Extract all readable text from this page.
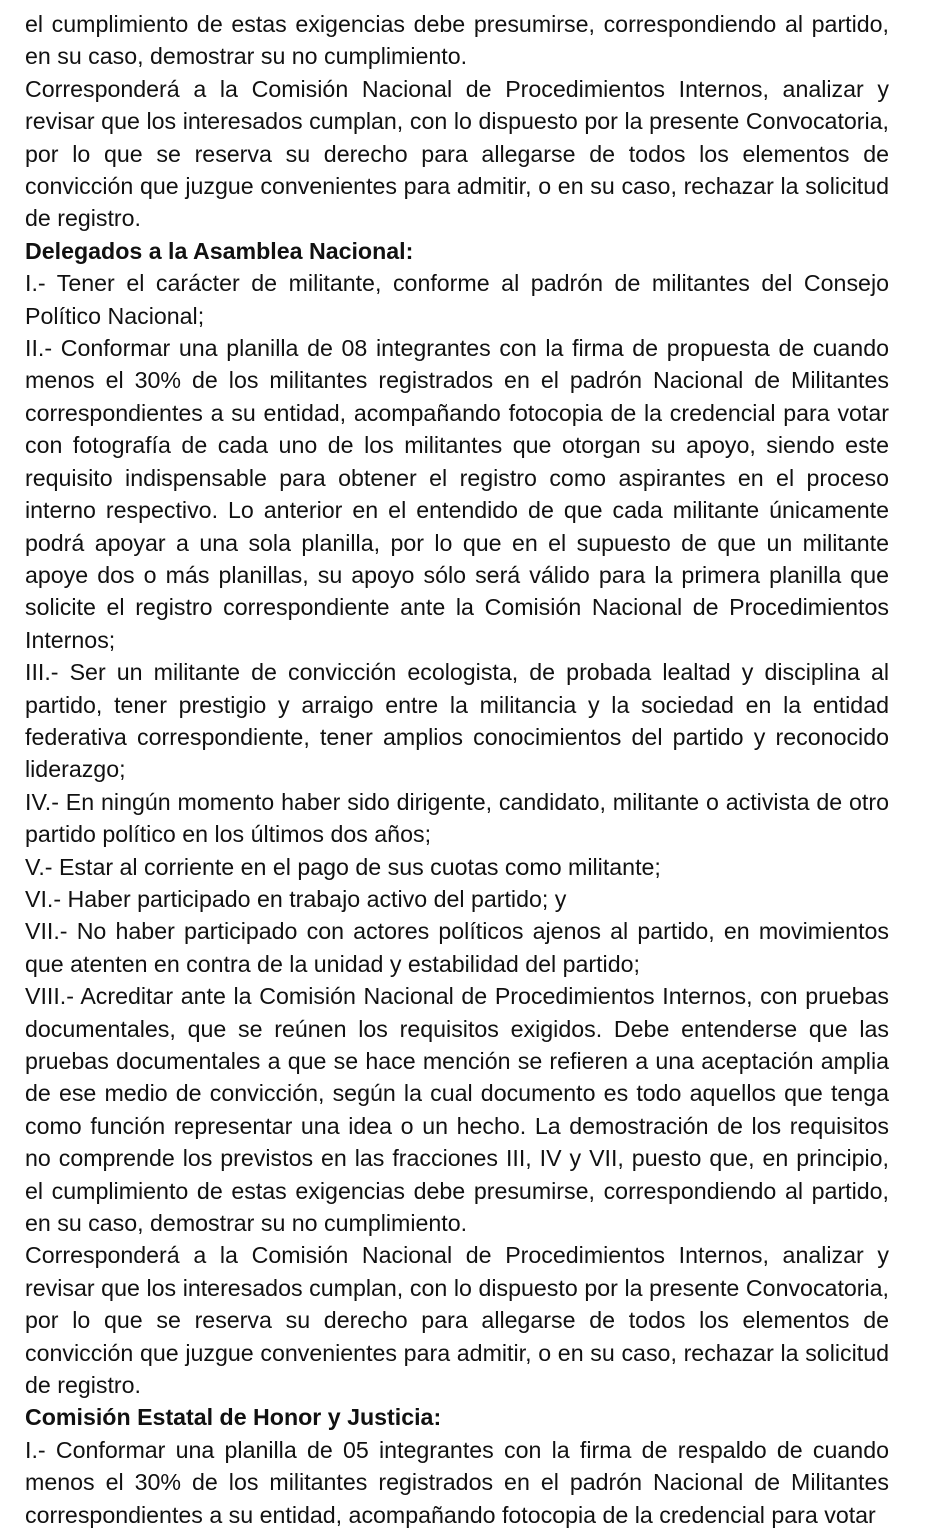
el cumplimiento de estas exigencias debe presumirse, correspondiendo al partido, en su caso, demostrar su no cumplimiento.

Corresponderá a la Comisión Nacional de Procedimientos Internos, analizar y revisar que los interesados cumplan, con lo dispuesto por la presente Convocatoria, por lo que se reserva su derecho para allegarse de todos los elementos de convicción que juzgue convenientes para admitir, o en su caso, rechazar la solicitud de registro.

Delegados a la Asamblea Nacional:

I.- Tener el carácter de militante, conforme al padrón de militantes del Consejo Político Nacional;

II.- Conformar una planilla de 08 integrantes con la firma de propuesta de cuando menos el 30% de los militantes registrados en el padrón Nacional de Militantes correspondientes a su entidad, acompañando fotocopia de la credencial para votar con fotografía de cada uno de los militantes que otorgan su apoyo, siendo este requisito indispensable para obtener el registro como aspirantes en el proceso interno respectivo. Lo anterior en el entendido de que cada militante únicamente podrá apoyar a una sola planilla, por lo que en el supuesto de que un militante apoye dos o más planillas, su apoyo sólo será válido para la primera planilla que solicite el registro correspondiente ante la Comisión Nacional de Procedimientos Internos;

III.- Ser un militante de convicción ecologista, de probada lealtad y disciplina al partido, tener prestigio y arraigo entre la militancia y la sociedad en la entidad federativa correspondiente, tener amplios conocimientos del partido y reconocido liderazgo;

IV.- En ningún momento haber sido dirigente, candidato, militante o activista de otro partido político en los últimos dos años;

V.- Estar al corriente en el pago de sus cuotas como militante;

VI.- Haber participado en trabajo activo del partido; y

VII.- No haber participado con actores políticos ajenos al partido, en movimientos que atenten en contra de la unidad y estabilidad del partido;

VIII.- Acreditar ante la Comisión Nacional de Procedimientos Internos, con pruebas documentales, que se reúnen los requisitos exigidos. Debe entenderse que las pruebas documentales a que se hace mención se refieren a una aceptación amplia de ese medio de convicción, según la cual documento es todo aquellos que tenga como función representar una idea o un hecho. La demostración de los requisitos no comprende los previstos en las fracciones III, IV y VII, puesto que, en principio, el cumplimiento de estas exigencias debe presumirse, correspondiendo al partido, en su caso, demostrar su no cumplimiento.

Corresponderá a la Comisión Nacional de Procedimientos Internos, analizar y revisar que los interesados cumplan, con lo dispuesto por la presente Convocatoria, por lo que se reserva su derecho para allegarse de todos los elementos de convicción que juzgue convenientes para admitir, o en su caso, rechazar la solicitud de registro.

Comisión Estatal de Honor y Justicia:

I.- Conformar una planilla de 05 integrantes con la firma de respaldo de cuando menos el 30% de los militantes registrados en el padrón Nacional de Militantes correspondientes a su entidad, acompañando fotocopia de la credencial para votar
